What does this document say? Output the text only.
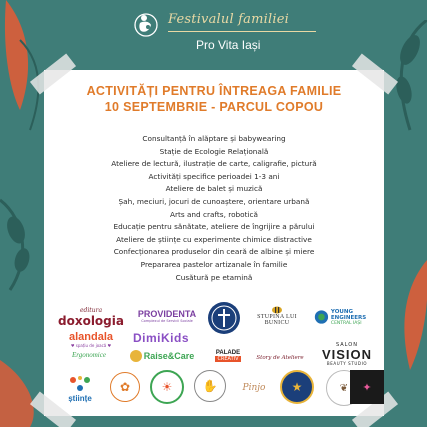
Festivalul familiei
Pro Vita Iași
ACTIVITĂȚI PENTRU ÎNTREAGA FAMILIE
10 SEPTEMBRIE - PARCUL COPOU
Consultanță în alăptare și babywearing
Stație de Ecologie Relațională
Ateliere de lectură, ilustrație de carte, caligrafie, pictură
Activități specifice perioadei 1-3 ani
Ateliere de balet și muzică
Șah, meciuri, jocuri de cunoaștere, orientare urbană
Arts and crafts, robotică
Educație pentru sănătate, ateliere de îngrijire a părului
Ateliere de științe cu experimente chimice distractive
Confecționarea produselor din ceară de albine și miere
Prepararea pastelor artizanale în familie
Cusătură pe etamină
editura
doxologia PROVIDENTA
Complexul de Servicii Sociale
STUPINA LUI BUNICU
YOUNG ENGINEERS
CENTRAL IAȘI
alandala
♥ spațiu de joacă ♥ DimiKids
Ergonomice	Raise&Care	PALADE
CREATIV	Story de Ateliere
SALON
VISION
BEAUTY STUDIO
științe
✿	☀	✋	Pinjo ★	❦ ✦
